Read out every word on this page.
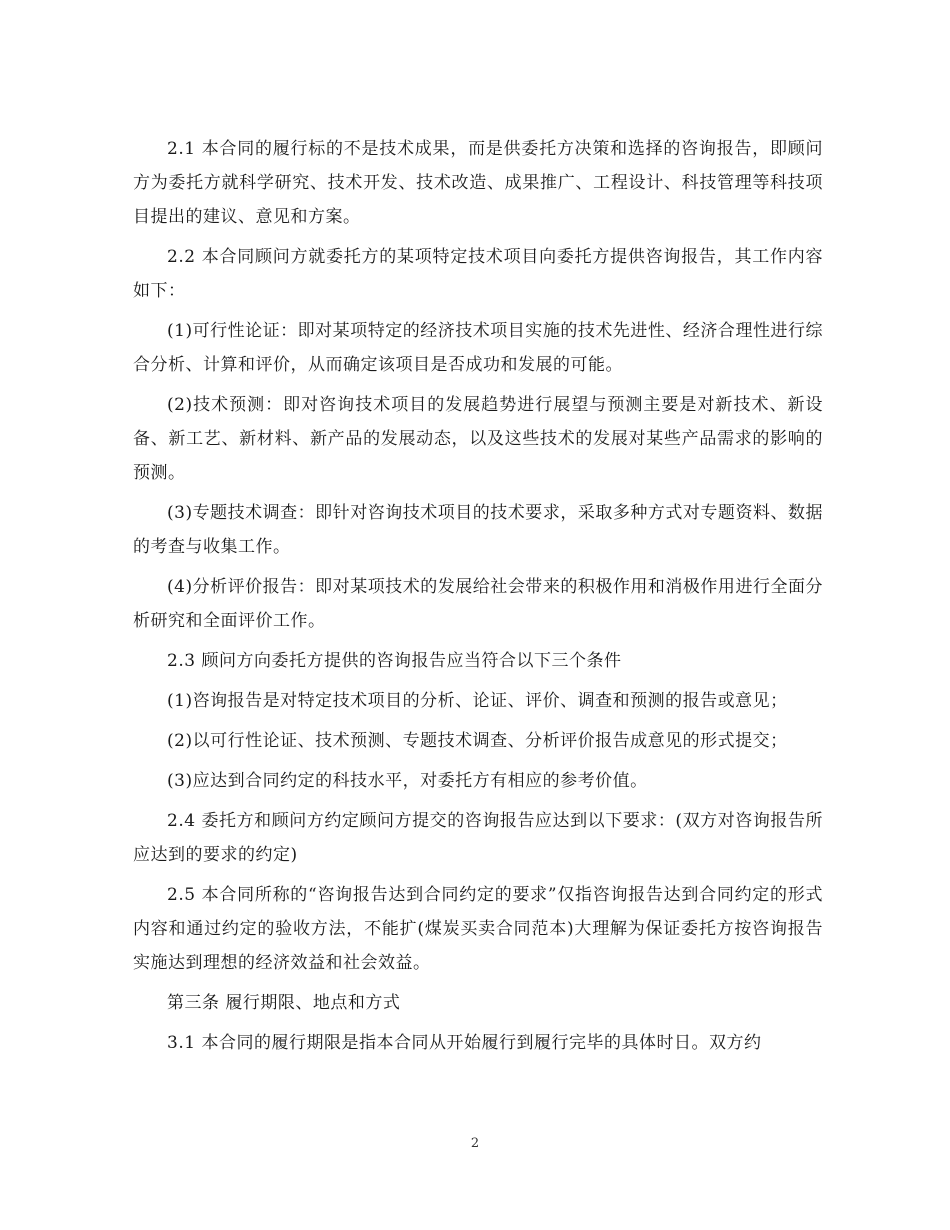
2.1 本合同的履行标的不是技术成果，而是供委托方决策和选择的咨询报告，即顾问方为委托方就科学研究、技术开发、技术改造、成果推广、工程设计、科技管理等科技项目提出的建议、意见和方案。

2.2 本合同顾问方就委托方的某项特定技术项目向委托方提供咨询报告，其工作内容如下：

(1)可行性论证：即对某项特定的经济技术项目实施的技术先进性、经济合理性进行综合分析、计算和评价，从而确定该项目是否成功和发展的可能。

(2)技术预测：即对咨询技术项目的发展趋势进行展望与预测主要是对新技术、新设备、新工艺、新材料、新产品的发展动态，以及这些技术的发展对某些产品需求的影响的预测。

(3)专题技术调查：即针对咨询技术项目的技术要求，采取多种方式对专题资料、数据的考查与收集工作。

(4)分析评价报告：即对某项技术的发展给社会带来的积极作用和消极作用进行全面分析研究和全面评价工作。

2.3 顾问方向委托方提供的咨询报告应当符合以下三个条件

(1)咨询报告是对特定技术项目的分析、论证、评价、调查和预测的报告或意见；

(2)以可行性论证、技术预测、专题技术调查、分析评价报告成意见的形式提交；

(3)应达到合同约定的科技水平，对委托方有相应的参考价值。

2.4 委托方和顾问方约定顾问方提交的咨询报告应达到以下要求：(双方对咨询报告所应达到的要求的约定)

2.5 本合同所称的“咨询报告达到合同约定的要求”仅指咨询报告达到合同约定的形式内容和通过约定的验收方法，不能扩(煤炭买卖合同范本)大理解为保证委托方按咨询报告实施达到理想的经济效益和社会效益。

第三条 履行期限、地点和方式

3.1 本合同的履行期限是指本合同从开始履行到履行完毕的具体时日。双方约

2
